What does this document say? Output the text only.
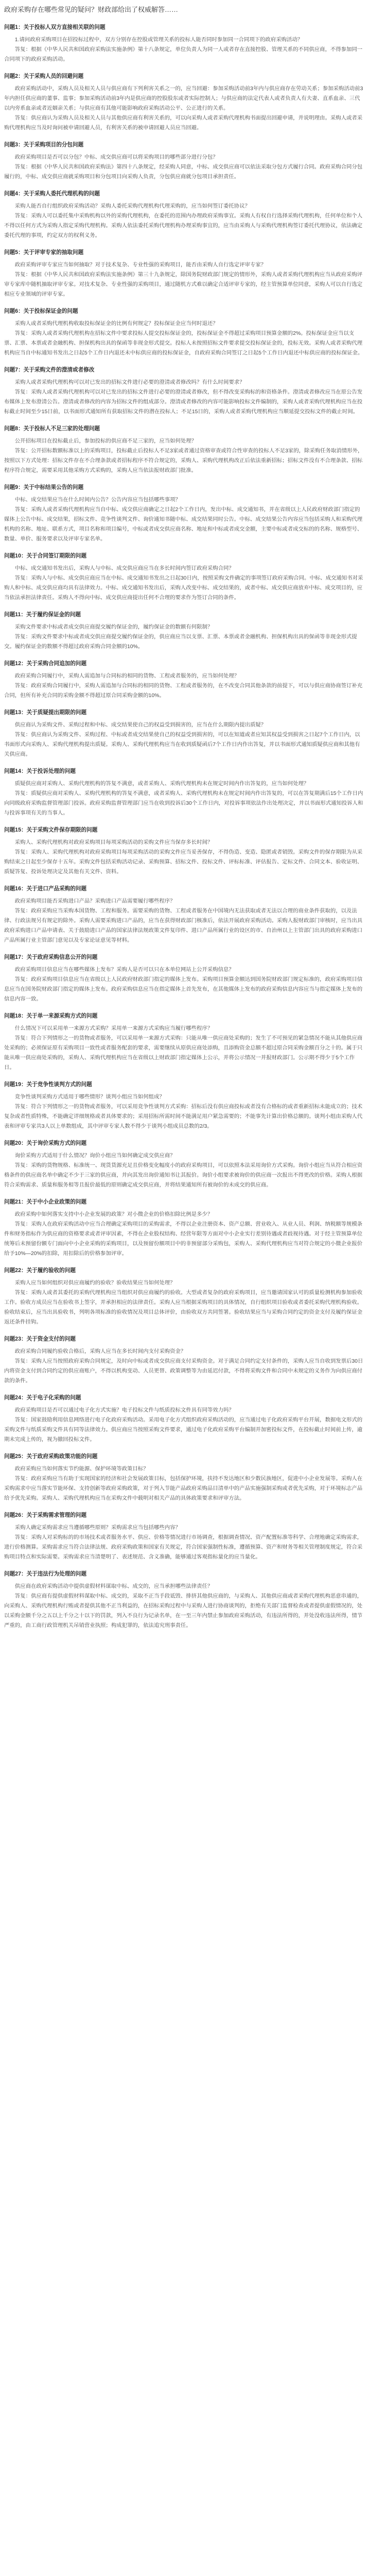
政府采购存在哪些常见的疑问？财政部给出了权威解答……

问题1：关于投标人双方直接相关联的问题

1.请问政府采购项目在招投标过程中，双方分别存在控股或管理关系的投标人能否同时参加同一合同项下的政府采购活动？

答复：根据《中华人民共和国政府采购法实施条例》第十八条规定，单位负责人为同一人或者存在直接控股、管理关系的不同供应商，不得参加同一合同项下的政府采购活动。

问题2：关于采购人员的回避问题

政府采购活动中，采购人员及相关人员与供应商有下列利害关系之一的，应当回避：参加采购活动前3年内与供应商存在劳动关系；参加采购活动前3年内担任供应商的董事、监事；参加采购活动前3年内是供应商的控股股东或者实际控制人；与供应商的法定代表人或者负责人有夫妻、直系血亲、三代以内旁系血亲或者近姻亲关系；与供应商有其他可能影响政府采购活动公平、公正进行的关系。

答复：供应商认为采购人员及相关人员与其他供应商有利害关系的，可以向采购人或者采购代理机构书面提出回避申请，并说明理由。采购人或者采购代理机构应当及时询问被申请回避人员，有利害关系的被申请回避人员应当回避。

问题3：关于采购项目的分包问题

政府采购项目是否可以分包？中标、成交供应商可以将采购项目的哪些部分进行分包？

答复：根据《中华人民共和国政府采购法》第四十八条规定，经采购人同意，中标、成交供应商可以依法采取分包方式履行合同。政府采购合同分包履行的，中标、成交供应商就采购项目和分包项目向采购人负责，分包供应商就分包项目承担责任。

问题4：关于采购人委托代理机构的问题

采购人能否自行组织政府采购活动？采购人委托采购代理机构代理采购的，应当如何签订委托协议？

答复：采购人可以委托集中采购机构以外的采购代理机构，在委托的范围内办理政府采购事宜。采购人有权自行选择采购代理机构，任何单位和个人不得以任何方式为采购人指定采购代理机构。采购人依法委托采购代理机构办理采购事宜的，应当由采购人与采购代理机构签订委托代理协议，依法确定委托代理的事项，约定双方的权利义务。

问题5：关于评审专家的抽取问题

政府采购评审专家应当如何抽取？对于技术复杂、专业性强的采购项目，能否由采购人自行选定评审专家？

答复：根据《中华人民共和国政府采购法实施条例》第三十九条规定，除国务院财政部门规定的情形外，采购人或者采购代理机构应当从政府采购评审专家库中随机抽取评审专家。对技术复杂、专业性强的采购项目，通过随机方式难以确定合适评审专家的，经主管预算单位同意，采购人可以自行选定相应专业领域的评审专家。

问题6：关于投标保证金的问题

采购人或者采购代理机构收取投标保证金的比例有何规定？投标保证金应当何时退还？

答复：采购人或者采购代理机构在招标文件中要求投标人提交投标保证金的，投标保证金不得超过采购项目预算金额的2%。投标保证金应当以支票、汇票、本票或者金融机构、担保机构出具的保函等非现金形式提交。投标人未按照招标文件要求提交投标保证金的，投标无效。采购人或者采购代理机构应当自中标通知书发出之日起5个工作日内退还未中标供应商的投标保证金，自政府采购合同签订之日起5个工作日内退还中标供应商的投标保证金。

问题7：关于采购文件的澄清或者修改

采购人或者采购代理机构可以对已发出的招标文件进行必要的澄清或者修改吗？有什么时间要求？

答复：采购人或者采购代理机构可以对已发出的招标文件进行必要的澄清或者修改，但不得改变采购标的和资格条件。澄清或者修改应当在原公告发布媒体上发布澄清公告。澄清或者修改的内容为招标文件的组成部分。澄清或者修改的内容可能影响投标文件编制的，采购人或者采购代理机构应当在投标截止时间至少15日前，以书面形式通知所有获取招标文件的潜在投标人；不足15日的，采购人或者采购代理机构应当顺延提交投标文件的截止时间。

问题8：关于投标人不足三家的处理问题

公开招标项目在投标截止后，参加投标的供应商不足三家的，应当如何处理？

答复：公开招标数额标准以上的采购项目，投标截止后投标人不足3家或者通过资格审查或符合性审查的投标人不足3家的，除采购任务取消情形外，按照以下方式处理：招标文件存在不合理条款或者招标程序不符合规定的，采购人、采购代理机构改正后依法重新招标；招标文件没有不合理条款、招标程序符合规定，需要采用其他采购方式采购的，采购人应当依法报财政部门批准。

问题9：关于中标结果公告的问题

中标、成交结果应当在什么时间内公告？公告内容应当包括哪些事项？

答复：采购人或者采购代理机构应当自中标、成交供应商确定之日起2个工作日内，发出中标、成交通知书，并在省级以上人民政府财政部门指定的媒体上公告中标、成交结果，招标文件、竞争性谈判文件、询价通知书随中标、成交结果同时公告。中标、成交结果公告内容应当包括采购人和采购代理机构的名称、地址、联系方式，项目名称和项目编号，中标或者成交供应商名称、地址和中标或者成交金额，主要中标或者成交标的的名称、规格型号、数量、单价、服务要求以及评审专家名单。

问题10：关于合同签订期限的问题

中标、成交通知书发出后，采购人与中标、成交供应商应当在多长时间内签订政府采购合同？

答复：采购人与中标、成交供应商应当在中标、成交通知书发出之日起30日内，按照采购文件确定的事项签订政府采购合同。中标、成交通知书对采购人和中标、成交供应商均具有法律效力。中标、成交通知书发出后，采购人改变中标、成交结果的，或者中标、成交供应商放弃中标、成交项目的，应当依法承担法律责任。采购人不得向中标、成交供应商提出任何不合理的要求作为签订合同的条件。

问题11：关于履约保证金的问题

采购文件要求中标或者成交供应商提交履约保证金的，履约保证金的数额有何限制？

答复：采购文件要求中标或者成交供应商提交履约保证金的，供应商应当以支票、汇票、本票或者金融机构、担保机构出具的保函等非现金形式提交。履约保证金的数额不得超过政府采购合同金额的10%。

问题12：关于采购合同追加的问题

政府采购合同履行中，采购人需追加与合同标的相同的货物、工程或者服务的，应当如何处理？

答复：政府采购合同履行中，采购人需追加与合同标的相同的货物、工程或者服务的，在不改变合同其他条款的前提下，可以与供应商协商签订补充合同，但所有补充合同的采购金额不得超过原合同采购金额的10%。

问题13：关于质疑提出期限的问题

供应商认为采购文件、采购过程和中标、成交结果使自己的权益受到损害的，应当在什么期限内提出质疑？

答复：供应商认为采购文件、采购过程、中标或者成交结果使自己的权益受到损害的，可以在知道或者应知其权益受到损害之日起7个工作日内，以书面形式向采购人、采购代理机构提出质疑。采购人、采购代理机构应当在收到质疑函后7个工作日内作出答复，并以书面形式通知质疑供应商和其他有关供应商。

问题14：关于投诉处理的问题

质疑供应商对采购人、采购代理机构的答复不满意，或者采购人、采购代理机构未在规定时间内作出答复的，应当如何处理？

答复：质疑供应商对采购人、采购代理机构的答复不满意，或者采购人、采购代理机构未在规定时间内作出答复的，可以在答复期满后15个工作日内向同级政府采购监督管理部门投诉。政府采购监督管理部门应当在收到投诉后30个工作日内，对投诉事项依法作出处理决定，并以书面形式通知投诉人和与投诉事项有关的当事人。

问题15：关于采购文件保存期限的问题

采购人、采购代理机构对政府采购项目每项采购活动的采购文件应当保存多长时间？

答复：采购人、采购代理机构对政府采购项目每项采购活动的采购文件应当妥善保存，不得伪造、变造、隐匿或者销毁。采购文件的保存期限为从采购结束之日起至少保存十五年。采购文件包括采购活动记录、采购预算、招标文件、投标文件、评标标准、评估报告、定标文件、合同文本、验收证明、质疑答复、投诉处理决定及其他有关文件、资料。

问题16：关于进口产品采购的问题

政府采购项目能否采购进口产品？采购进口产品需要履行哪些程序？

答复：政府采购应当采购本国货物、工程和服务。需要采购的货物、工程或者服务在中国境内无法获取或者无法以合理的商业条件获取的，以及法律、行政法规另有规定的除外。采购人需要采购进口产品的，应当在获得财政部门核准后，依法开展政府采购活动。采购人报财政部门审核时，应当出具政府采购进口产品申请表、关于鼓励进口产品的国家法律法规政策文件复印件、进口产品所属行业的设区的市、自治州以上主管部门出具的政府采购进口产品所属行业主管部门意见以及专家论证意见等材料。

问题17：关于政府采购信息公开的问题

政府采购项目信息应当在哪些媒体上发布？采购人是否可以只在本单位网站上公开采购信息？

答复：政府采购项目信息应当在省级以上人民政府财政部门指定的媒体上发布。采购项目预算金额达到国务院财政部门规定标准的，政府采购项目信息应当在国务院财政部门指定的媒体上发布。政府采购信息应当在指定媒体上首先发布，在其他媒体上发布的政府采购信息内容应当与指定媒体上发布的信息内容一致。

问题18：关于单一来源采购方式的问题

什么情况下可以采用单一来源方式采购？采用单一来源方式采购应当履行哪些程序？

答复：符合下列情形之一的货物或者服务，可以采用单一来源方式采购：只能从唯一供应商处采购的；发生了不可预见的紧急情况不能从其他供应商处采购的；必须保证原有采购项目一致性或者服务配套的要求，需要继续从原供应商处添购，且添购资金总额不超过原合同采购金额百分之十的。属于只能从唯一供应商处采购的，采购人、采购代理机构应当在省级以上财政部门指定媒体上公示，并将公示情况一并报财政部门。公示期不得少于5个工作日。

问题19：关于竞争性谈判方式的问题

竞争性谈判采购方式适用于哪些情形？谈判小组应当如何组成？

答复：符合下列情形之一的货物或者服务，可以采用竞争性谈判方式采购：招标后没有供应商投标或者没有合格标的或者重新招标未能成立的；技术复杂或者性质特殊，不能确定详细规格或者具体要求的；采用招标所需时间不能满足用户紧急需要的；不能事先计算出价格总额的。谈判小组由采购人代表和评审专家共3人以上单数组成，其中评审专家人数不得少于谈判小组成员总数的2/3。

问题20：关于询价采购方式的问题

询价采购方式适用于什么情况？询价小组应当如何确定成交供应商？

答复：采购的货物规格、标准统一、现货货源充足且价格变化幅度小的政府采购项目，可以依照本法采用询价方式采购。询价小组应当从符合相应资格条件的供应商名单中确定不少于三家的供应商，并向其发出询价通知书让其报价。询价小组要求被询价的供应商一次报出不得更改的价格。采购人根据符合采购需求、质量和服务相等且报价最低的原则确定成交供应商，并将结果通知所有被询价的未成交的供应商。

问题21：关于中小企业政策的问题

政府采购中如何落实支持中小企业发展的政策？对小微企业的价格扣除比例是多少？

答复：采购人在政府采购活动中应当合理确定采购项目的采购需求，不得以企业注册资本、资产总额、营业收入、从业人员、利润、纳税额等规模条件和财务指标作为供应商的资格要求或者评审因素，不得在企业股权结构、经营年限等方面对中小企业实行差别待遇或者歧视待遇。对于经主管预算单位统筹后未预留份额专门面向中小企业采购的采购项目，以及预留份额项目中的非预留部分采购包，采购人、采购代理机构应当对符合规定的小微企业报价给予10%—20%的扣除，用扣除后的价格参加评审。

问题22：关于履约验收的问题

采购人应当如何组织对供应商履约的验收？验收结果应当如何处理？

答复：采购人或者其委托的采购代理机构应当组织对供应商履约的验收。大型或者复杂的政府采购项目，应当邀请国家认可的质量检测机构参加验收工作。验收方成员应当在验收书上签字，并承担相应的法律责任。采购人应当根据采购项目的具体情况，自行组织项目验收或者委托采购代理机构验收。验收结束后，应当出具验收书，列明各项标准的验收情况及项目总体评价，由验收双方共同签署。验收结果应当与采购合同约定的资金支付及履约保证金返还条件挂钩。

问题23：关于资金支付的问题

政府采购合同履约验收合格后，采购人应当在多长时间内支付采购资金？

答复：采购人应当按照政府采购合同规定，及时向中标或者成交供应商支付采购资金。对于满足合同约定支付条件的，采购人应当自收到发票后30日内将资金支付到合同约定的供应商账户，不得以机构变动、人员更替、政策调整等为由延迟付款，不得将采购文件和合同中未规定的义务作为向供应商付款的条件。

问题24：关于电子化采购的问题

政府采购项目是否可以通过电子化方式实施？电子投标文件与纸质投标文件具有同等效力吗？

答复：国家鼓励利用信息网络进行电子化政府采购活动。采用电子化方式组织政府采购活动的，应当通过电子化政府采购平台开展，数据电文形式的采购文件与纸质采购文件具有同等法律效力。供应商应当按照采购文件要求，通过电子化政府采购平台编制并加密投标文件，在投标截止时间前上传，逾期未完成上传的，视为撤回投标文件。

问题25：关于政府采购政策功能的问题

政府采购应当如何落实节约能源、保护环境等政策目标？

答复：政府采购应当有助于实现国家的经济和社会发展政策目标，包括保护环境，扶持不发达地区和少数民族地区，促进中小企业发展等。采购人在采购需求中应当落实节能环保、支持创新等政府采购政策，对于列入节能产品政府采购品目清单中的产品实施强制采购或者优先采购，对于环境标志产品给予优先采购。采购人、采购代理机构应当在采购文件中载明对相关产品的具体政策要求和评审方法。

问题26：关于采购需求管理的问题

采购人确定采购需求应当遵循哪些原则？采购需求应当包括哪些内容？

答复：采购人对采购标的的市场技术或者服务水平、供应、价格等情况进行市场调查，根据调查情况、资产配置标准等科学、合理地确定采购需求，进行价格测算。采购需求应当符合法律法规、政府采购政策和国家有关规定，符合国家强制性标准，遵循预算、资产和财务等相关管理制度规定，符合采购项目特点和实际需要。采购需求应当清楚明了、表述规范、含义准确，能够通过客观指标量化的应当量化。

问题27：关于违法行为处理的问题

供应商在政府采购活动中提供虚假材料谋取中标、成交的，应当承担哪些法律责任？

答复：供应商有提供虚假材料谋取中标、成交的，采取不正当手段诋毁、排挤其他供应商的，与采购人、其他供应商或者采购代理机构恶意串通的，向采购人、采购代理机构行贿或者提供其他不正当利益的，在招标采购过程中与采购人进行协商谈判的，拒绝有关部门监督检查或者提供虚假情况的，处以采购金额千分之五以上千分之十以下的罚款，列入不良行为记录名单，在一至三年内禁止参加政府采购活动，有违法所得的，并处没收违法所得，情节严重的，由工商行政管理机关吊销营业执照；构成犯罪的，依法追究刑事责任。
